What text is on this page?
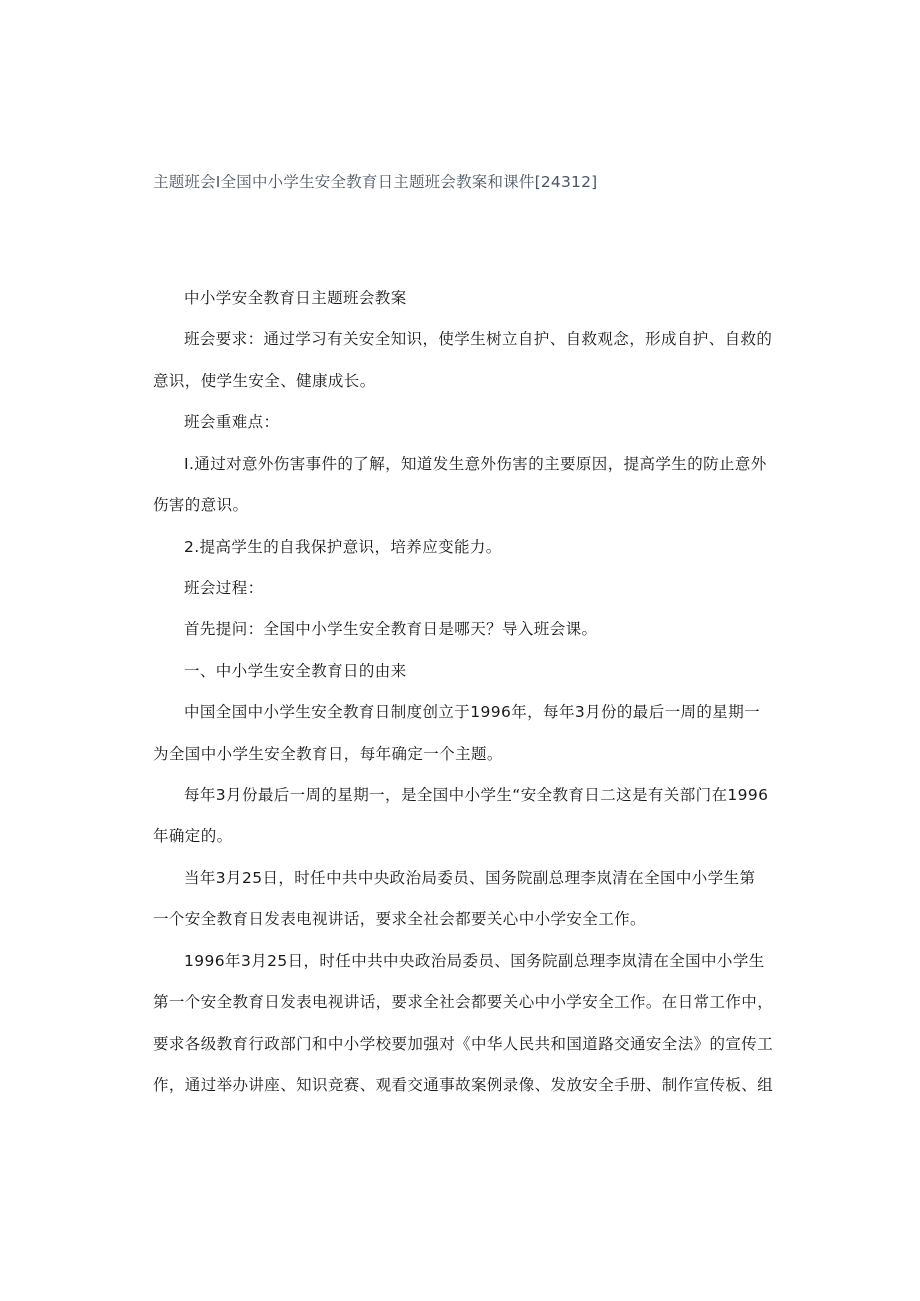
主题班会I全国中小学生安全教育日主题班会教案和课件[24312]
中小学安全教育日主题班会教案
班会要求：通过学习有关安全知识，使学生树立自护、自救观念，形成自护、自救的
意识，使学生安全、健康成长。
班会重难点：
I.通过对意外伤害事件的了解，知道发生意外伤害的主要原因，提高学生的防止意外
伤害的意识。
2.提高学生的自我保护意识，培养应变能力。
班会过程：
首先提问：全国中小学生安全教育日是哪天？导入班会课。
一、中小学生安全教育日的由来
中国全国中小学生安全教育日制度创立于1996年，每年3月份的最后一周的星期一
为全国中小学生安全教育日，每年确定一个主题。
每年3月份最后一周的星期一，是全国中小学生“安全教育日二这是有关部门在1996
年确定的。
当年3月25日，时任中共中央政治局委员、国务院副总理李岚清在全国中小学生第
一个安全教育日发表电视讲话，要求全社会都要关心中小学安全工作。
1996年3月25日，时任中共中央政治局委员、国务院副总理李岚清在全国中小学生
第一个安全教育日发表电视讲话，要求全社会都要关心中小学安全工作。在日常工作中，
要求各级教育行政部门和中小学校要加强对《中华人民共和国道路交通安全法》的宣传工
作，通过举办讲座、知识竞赛、观看交通事故案例录像、发放安全手册、制作宣传板、组
